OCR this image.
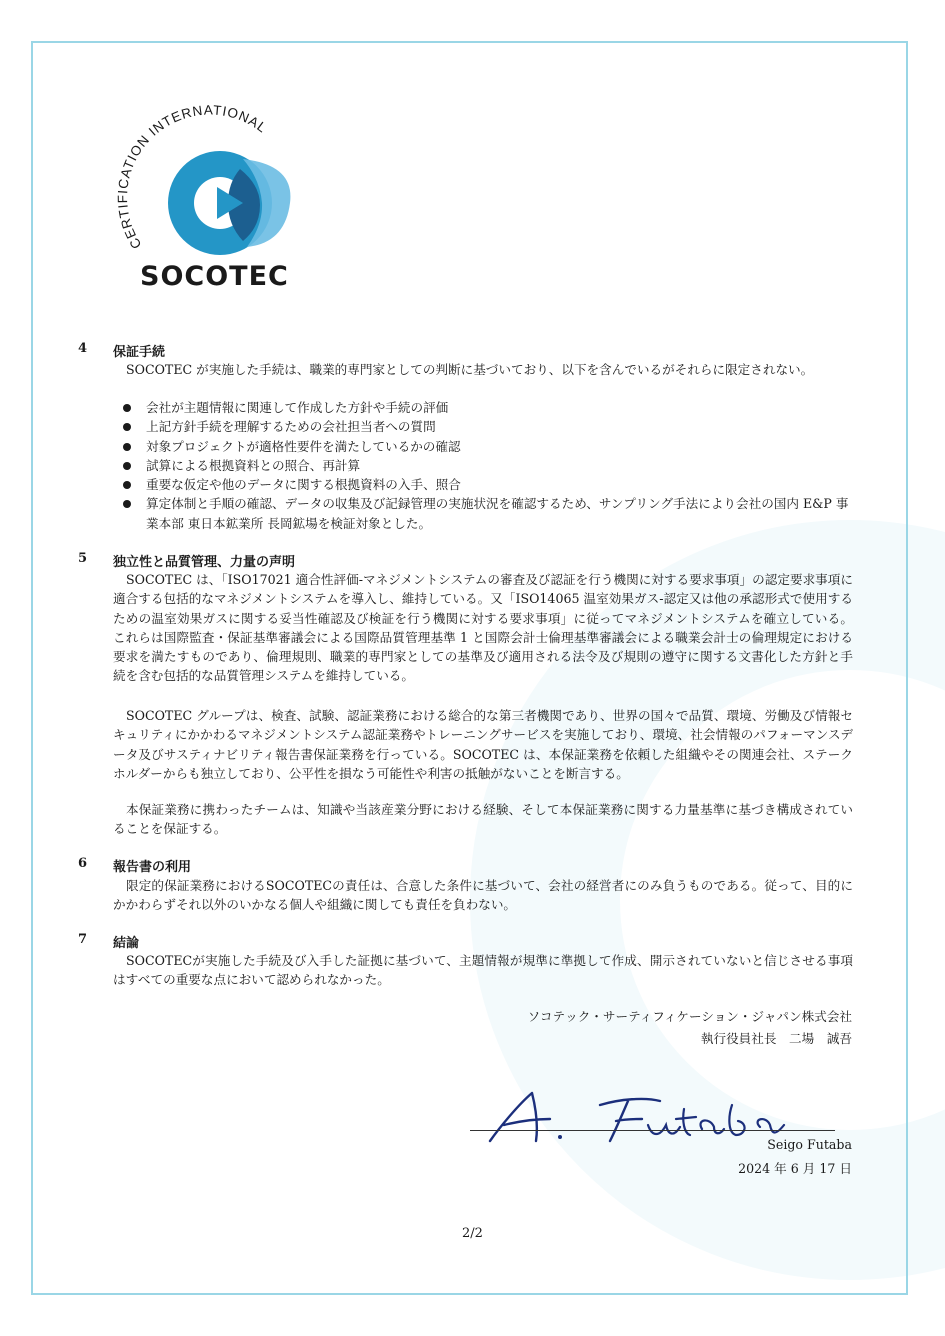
CERTIFICATION INTERNATIONAL
SOCOTEC
4 保証手続

SOCOTEC が実施した手続は、職業的専門家としての判断に基づいており、以下を含んでいるがそれらに限定されない。

会社が主題情報に関連して作成した方針や手続の評価
上記方針手続を理解するための会社担当者への質問
対象プロジェクトが適格性要件を満たしているかの確認
試算による根拠資料との照合、再計算
重要な仮定や他のデータに関する根拠資料の入手、照合
算定体制と手順の確認、データの収集及び記録管理の実施状況を確認するため、サンプリング手法により会社の国内 E&P 事業本部 東日本鉱業所 長岡鉱場を検証対象とした。
5 独立性と品質管理、力量の声明

SOCOTEC は、「ISO17021 適合性評価-マネジメントシステムの審査及び認証を行う機関に対する要求事項」の認定要求事項に適合する包括的なマネジメントシステムを導入し、維持している。又「ISO14065 温室効果ガス-認定又は他の承認形式で使用するための温室効果ガスに関する妥当性確認及び検証を行う機関に対する要求事項」に従ってマネジメントシステムを確立している。これらは国際監査・保証基準審議会による国際品質管理基準 1 と国際会計士倫理基準審議会による職業会計士の倫理規定における要求を満たすものであり、倫理規則、職業的専門家としての基準及び適用される法令及び規則の遵守に関する文書化した方針と手続を含む包括的な品質管理システムを維持している。

SOCOTEC グループは、検査、試験、認証業務における総合的な第三者機関であり、世界の国々で品質、環境、労働及び情報セキュリティにかかわるマネジメントシステム認証業務やトレーニングサービスを実施しており、環境、社会情報のパフォーマンスデータ及びサスティナビリティ報告書保証業務を行っている。SOCOTEC は、本保証業務を依頼した組織やその関連会社、ステークホルダーからも独立しており、公平性を損なう可能性や利害の抵触がないことを断言する。

本保証業務に携わったチームは、知識や当該産業分野における経験、そして本保証業務に関する力量基準に基づき構成されていることを保証する。

6 報告書の利用

限定的保証業務におけるSOCOTECの責任は、合意した条件に基づいて、会社の経営者にのみ負うものである。従って、目的にかかわらずそれ以外のいかなる個人や組織に関しても責任を負わない。

7 結論

SOCOTECが実施した手続及び入手した証拠に基づいて、主題情報が規準に準拠して作成、開示されていないと信じさせる事項はすべての重要な点において認められなかった。

ソコテック・サーティフィケーション・ジャパン株式会社
執行役員社長　二場　誠吾
Seigo Futaba
2024 年 6 月 17 日
2/2
